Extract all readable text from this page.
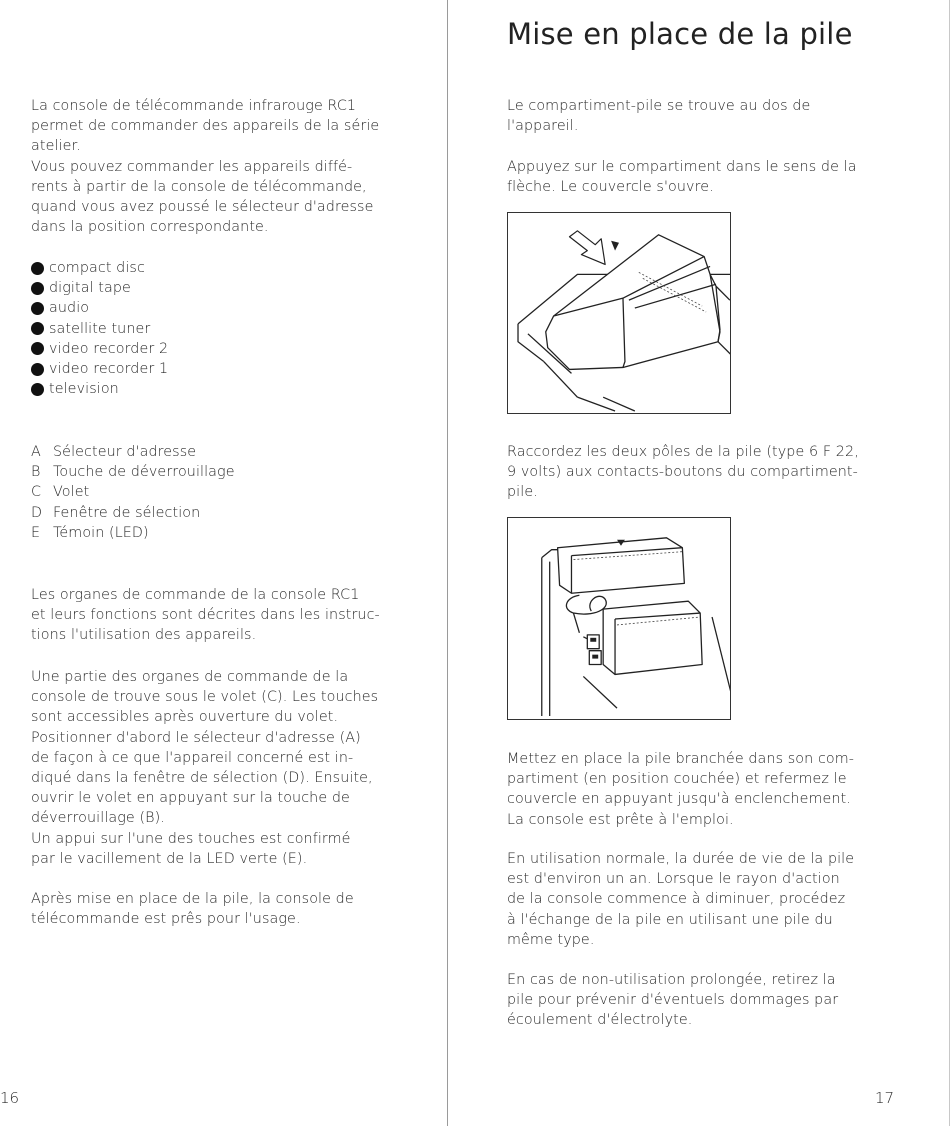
La console de télécommande infrarouge RC1
permet de commander des appareils de la série
atelier.
Vous pouvez commander les appareils diffé-
rents à partir de la console de télécommande,
quand vous avez poussé le sélecteur d'adresse
dans la position correspondante.
compact disc
digital tape
audio
satellite tuner
video recorder 2
video recorder 1
television
A Sélecteur d'adresse
B Touche de déverrouillage
C Volet
D Fenêtre de sélection
E Témoin (LED)
Les organes de commande de la console RC1
et leurs fonctions sont décrites dans les instruc-
tions l'utilisation des appareils.
Une partie des organes de commande de la
console de trouve sous le volet (C). Les touches
sont accessibles après ouverture du volet.
Positionner d'abord le sélecteur d'adresse (A)
de façon à ce que l'appareil concerné est in-
diqué dans la fenêtre de sélection (D). Ensuite,
ouvrir le volet en appuyant sur la touche de
déverrouillage (B).
Un appui sur l'une des touches est confirmé
par le vacillement de la LED verte (E).
Après mise en place de la pile, la console de
télécommande est prês pour l'usage.
16
Mise en place de la pile
Le compartiment-pile se trouve au dos de
l'appareil.
Appuyez sur le compartiment dans le sens de la
flèche. Le couvercle s'ouvre.
Raccordez les deux pôles de la pile (type 6 F 22,
9 volts) aux contacts-boutons du compartiment-
pile.
Mettez en place la pile branchée dans son com-
partiment (en position couchée) et refermez le
couvercle en appuyant jusqu'à enclenchement.
La console est prête à l'emploi.
En utilisation normale, la durée de vie de la pile
est d'environ un an. Lorsque le rayon d'action
de la console commence à diminuer, procédez
à l'échange de la pile en utilisant une pile du
même type.
En cas de non-utilisation prolongée, retirez la
pile pour prévenir d'éventuels dommages par
écoulement d'électrolyte.
17
